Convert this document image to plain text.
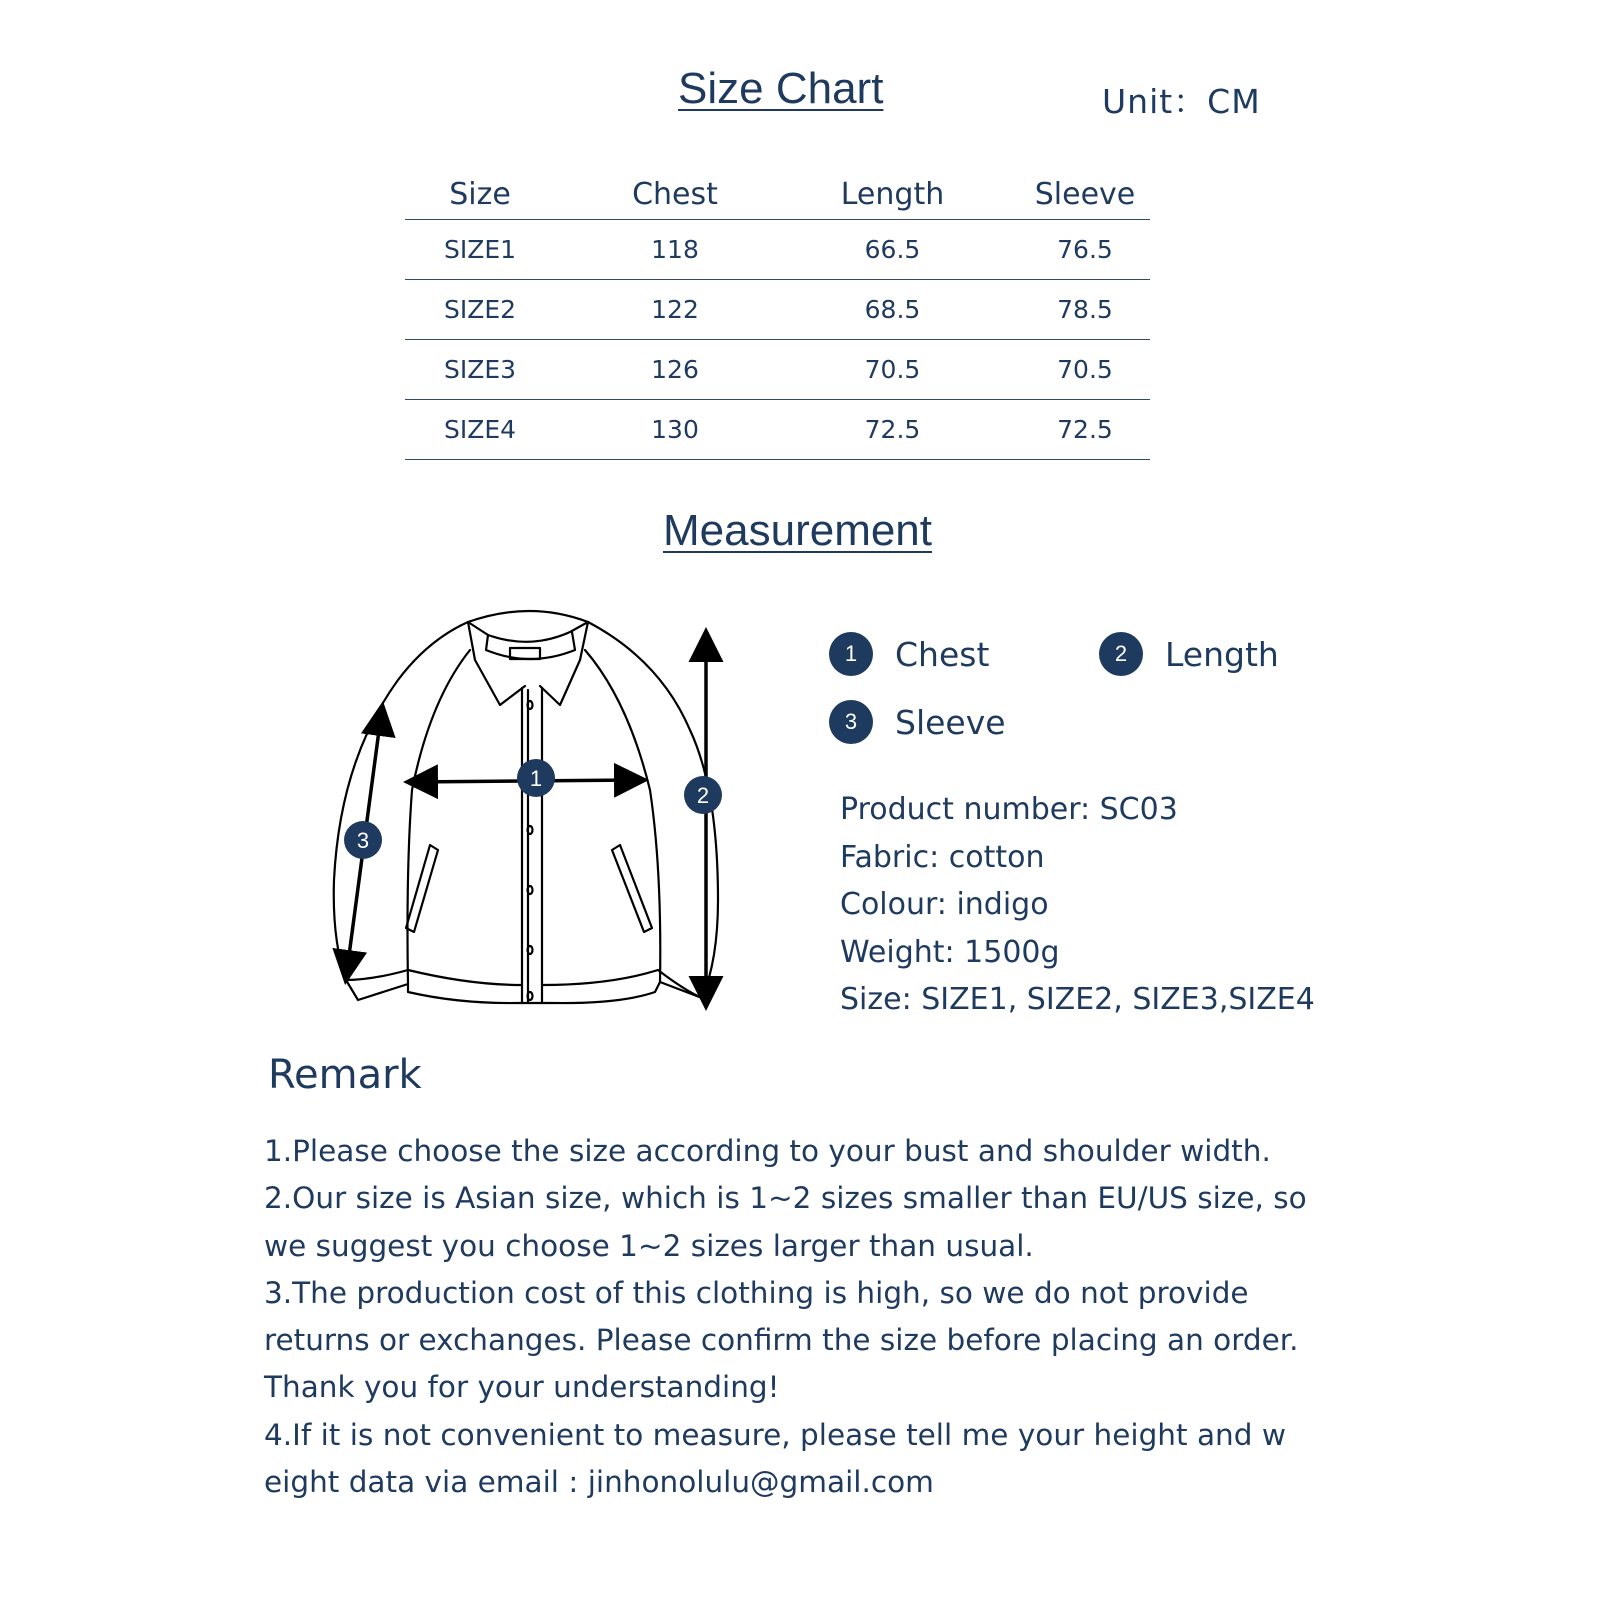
Size Chart	Unit：CM
Size	Chest	Length	Sleeve
SIZE1	118	66.5	76.5
SIZE2	122	68.5	78.5
SIZE3	126	70.5	70.5
SIZE4	130	72.5	72.5
Measurement
1
2
3
1	Chest	2	Length
3	Sleeve
Product number: SC03
Fabric: cotton
Colour: indigo
Weight: 1500g
Size: SIZE1, SIZE2, SIZE3,SIZE4
Remark
1.Please choose the size according to your bust and shoulder width.
2.Our size is Asian size, which is 1~2 sizes smaller than EU/US size, so
we suggest you choose 1~2 sizes larger than usual.
3.The production cost of this clothing is high, so we do not provide
returns or exchanges. Please confirm the size before placing an order.
Thank you for your understanding!
4.If it is not convenient to measure, please tell me your height and w
eight data via email : jinhonolulu@gmail.com
